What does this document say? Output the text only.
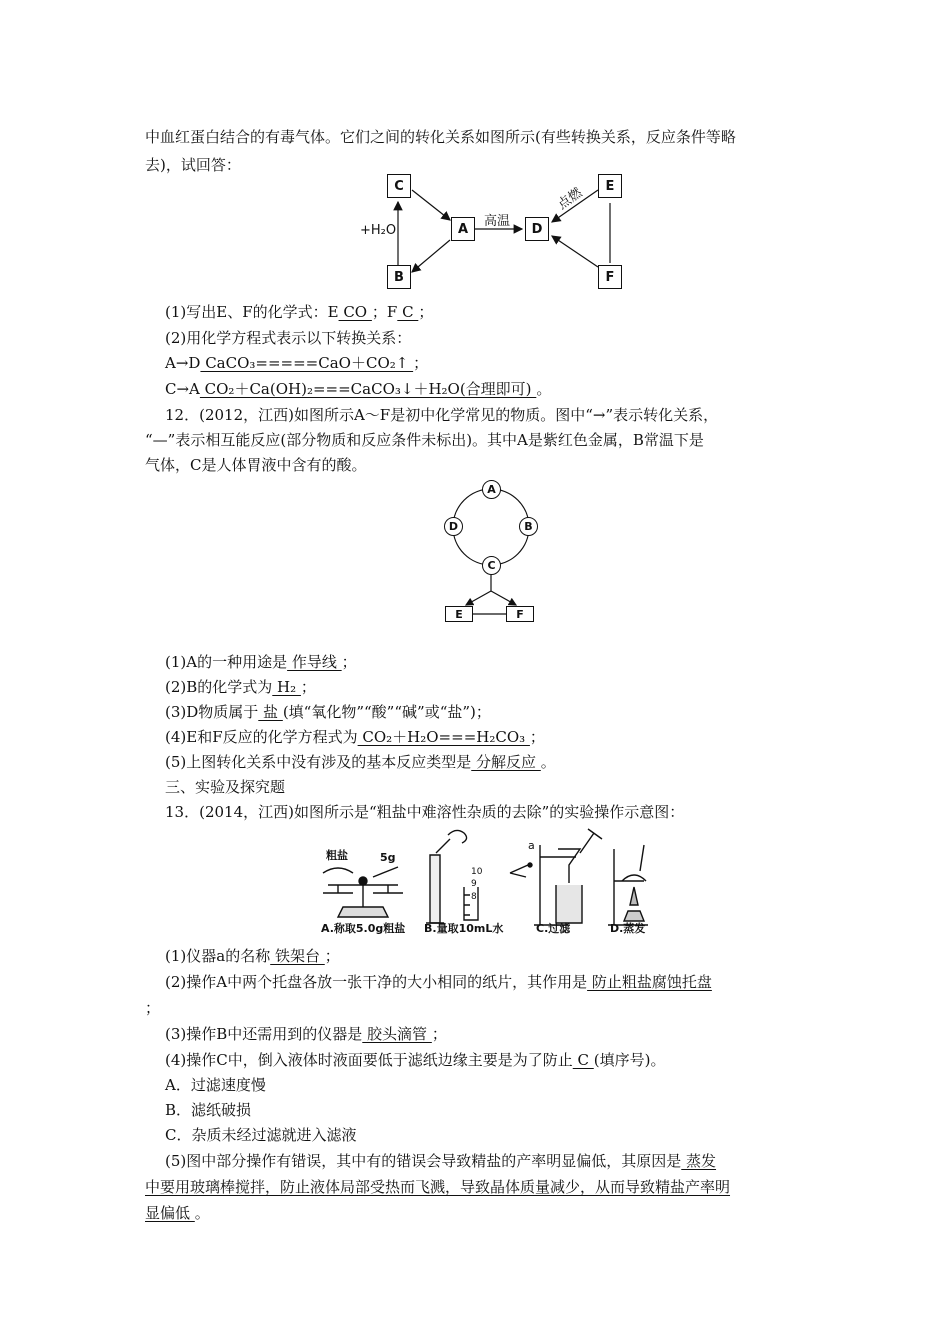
中血红蛋白结合的有毒气体。它们之间的转化关系如图所示(有些转换关系，反应条件等略
去)，试回答：
C
A
B
D
E
F
+H₂O
高温
点燃
(1)写出E、F的化学式：E CO ；F C ；
(2)用化学方程式表示以下转换关系：
A→D CaCO₃=====CaO＋CO₂↑ ；
C→A CO₂＋Ca(OH)₂===CaCO₃↓＋H₂O(合理即可) 。
12．(2012，江西)如图所示A～F是初中化学常见的物质。图中“→”表示转化关系，
“—”表示相互能反应(部分物质和反应条件未标出)。其中A是紫红色金属，B常温下是
气体，C是人体胃液中含有的酸。
A
D	B
C
E	F
(1)A的一种用途是 作导线 ；
(2)B的化学式为 H₂ ；
(3)D物质属于 盐 (填“氧化物”“酸”“碱”或“盐”)；
(4)E和F反应的化学方程式为 CO₂＋H₂O===H₂CO₃ ；
(5)上图转化关系中没有涉及的基本反应类型是 分解反应 。
三、实验及探究题
13．(2014，江西)如图所示是“粗盐中难溶性杂质的去除”的实验操作示意图：
粗盐	5g
a
10
9
8
A.称取5.0g粗盐 B.量取10mL水	C.过滤	D.蒸发
(1)仪器a的名称 铁架台 ；
(2)操作A中两个托盘各放一张干净的大小相同的纸片，其作用是 防止粗盐腐蚀托盘
；
(3)操作B中还需用到的仪器是 胶头滴管 ；
(4)操作C中，倒入液体时液面要低于滤纸边缘主要是为了防止 C (填序号)。
A．过滤速度慢
B．滤纸破损
C．杂质未经过滤就进入滤液
(5)图中部分操作有错误，其中有的错误会导致精盐的产率明显偏低，其原因是 蒸发
中要用玻璃棒搅拌，防止液体局部受热而飞溅，导致晶体质量减少，从而导致精盐产率明
显偏低 。
